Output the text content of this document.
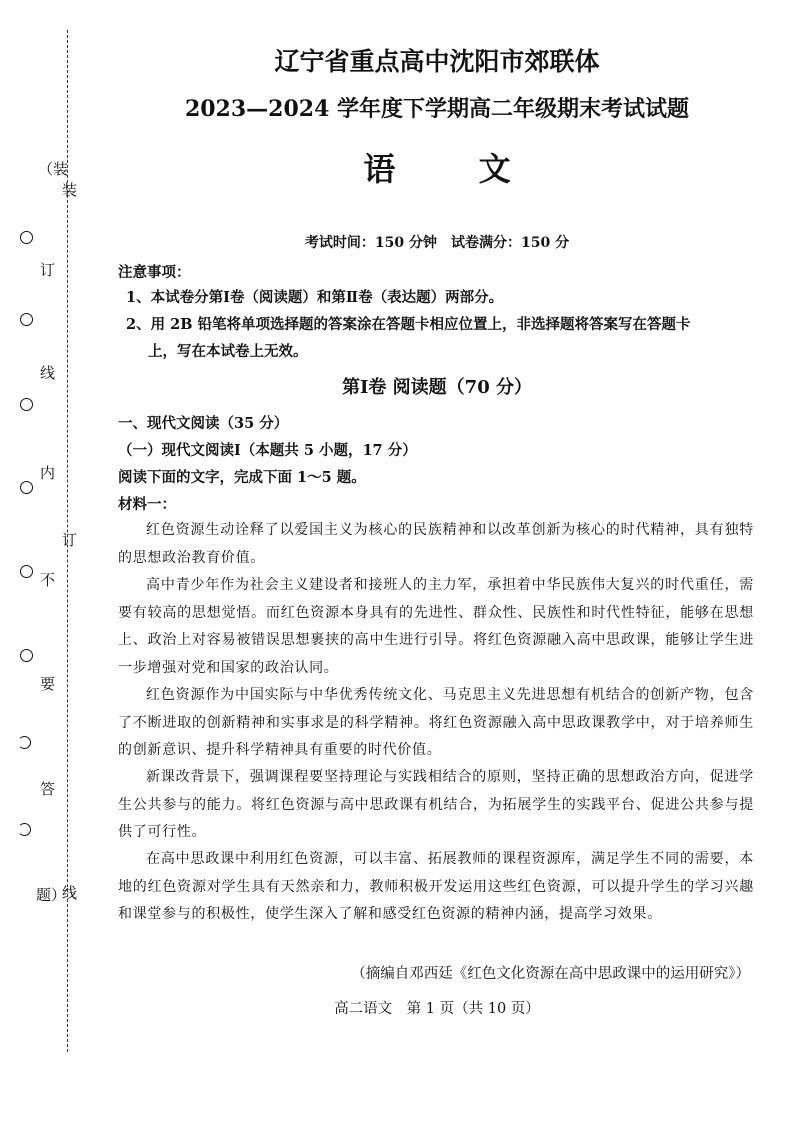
（装
订
线
内
不
要
答
题）
装
订
线
辽宁省重点高中沈阳市郊联体
2023—2024 学年度下学期高二年级期末考试试题
语 文
考试时间：150 分钟　试卷满分：150 分
注意事项：
1、本试卷分第Ⅰ卷（阅读题）和第Ⅱ卷（表达题）两部分。
2、用 2B 铅笔将单项选择题的答案涂在答题卡相应位置上，非选择题将答案写在答题卡
上，写在本试卷上无效。
第Ⅰ卷 阅读题（70 分）
一、现代文阅读（35 分）
（一）现代文阅读Ⅰ（本题共 5 小题，17 分）
阅读下面的文字，完成下面 1～5 题。
材料一：

红色资源生动诠释了以爱国主义为核心的民族精神和以改革创新为核心的时代精神，具有独特的思想政治教育价值。

高中青少年作为社会主义建设者和接班人的主力军，承担着中华民族伟大复兴的时代重任，需要有较高的思想觉悟。而红色资源本身具有的先进性、群众性、民族性和时代性特征，能够在思想上、政治上对容易被错误思想裹挟的高中生进行引导。将红色资源融入高中思政课，能够让学生进一步增强对党和国家的政治认同。

红色资源作为中国实际与中华优秀传统文化、马克思主义先进思想有机结合的创新产物，包含了不断进取的创新精神和实事求是的科学精神。将红色资源融入高中思政课教学中，对于培养师生的创新意识、提升科学精神具有重要的时代价值。

新课改背景下，强调课程要坚持理论与实践相结合的原则，坚持正确的思想政治方向，促进学生公共参与的能力。将红色资源与高中思政课有机结合，为拓展学生的实践平台、促进公共参与提供了可行性。

在高中思政课中利用红色资源，可以丰富、拓展教师的课程资源库，满足学生不同的需要，本地的红色资源对学生具有天然亲和力，教师积极开发运用这些红色资源，可以提升学生的学习兴趣和课堂参与的积极性，使学生深入了解和感受红色资源的精神内涵，提高学习效果。

（摘编自邓西廷《红色文化资源在高中思政课中的运用研究》）
高二语文　第 1 页（共 10 页）
